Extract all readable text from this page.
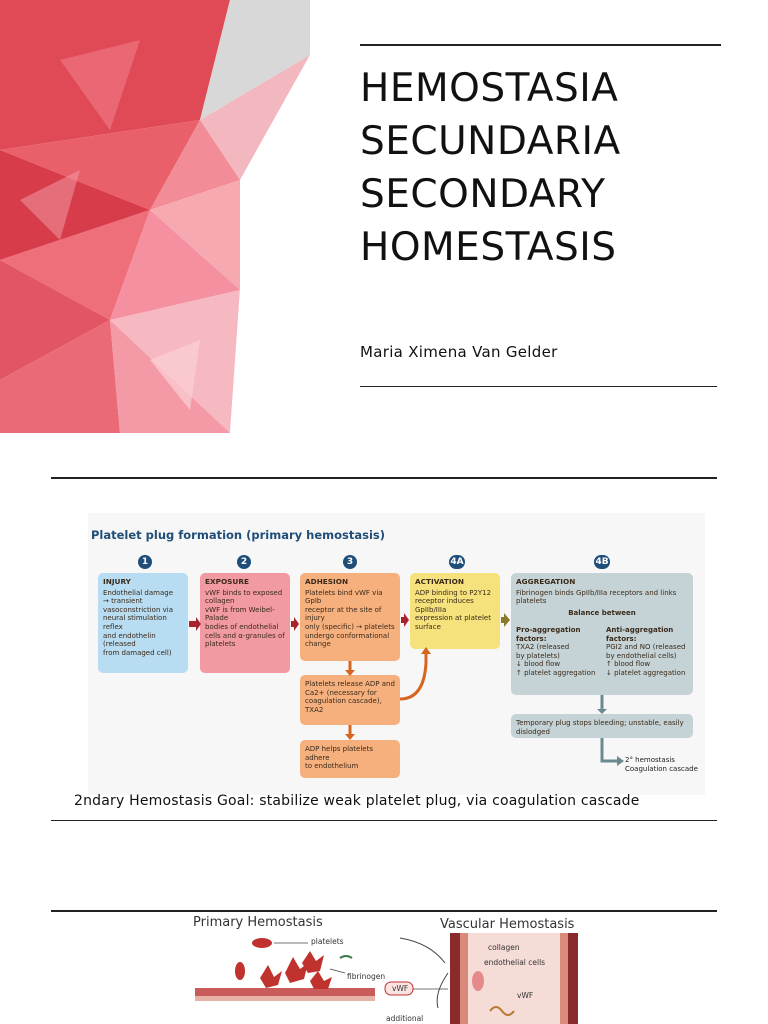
HEMOSTASIA
SECUNDARIA
SECONDARY
HOMESTASIS
Maria Ximena Van Gelder
Platelet plug formation (primary hemostasis)
1	2	3	4A	4B
INJURY
Endothelial damage
→ transient
vasoconstriction via
neural stimulation reflex
and endothelin (released
from damaged cell)
EXPOSURE
vWF binds to exposed
collagen
vWF is from Weibel-Palade
bodies of endothelial
cells and α-granules of
platelets
ADHESION
Platelets bind vWF via GpIb
receptor at the site of injury
only (specific) → platelets
undergo conformational
change
ACTIVATION
ADP binding to P2Y12
receptor induces GpIIb/IIIa
expression at platelet
surface
AGGREGATION
Fibrinogen binds GpIIb/IIIa receptors and links platelets
Balance between
Pro-aggregation factors:
TXA2 (released
by platelets)
↓ blood flow
↑ platelet aggregation
Anti-aggregation factors:
PGI2 and NO (released
by endothelial cells)
↑ blood flow
↓ platelet aggregation
Platelets release ADP and
Ca2+ (necessary for
coagulation cascade), TXA2
ADP helps platelets adhere
to endothelium
Temporary plug stops bleeding; unstable, easily dislodged
2° hemostasis
Coagulation cascade
2ndary Hemostasis Goal: stabilize weak platelet plug, via coagulation cascade
Primary Hemostasis	Vascular Hemostasis
platelets
fibrinogen
vWF
collagen
endothelial cells
vWF
additional
